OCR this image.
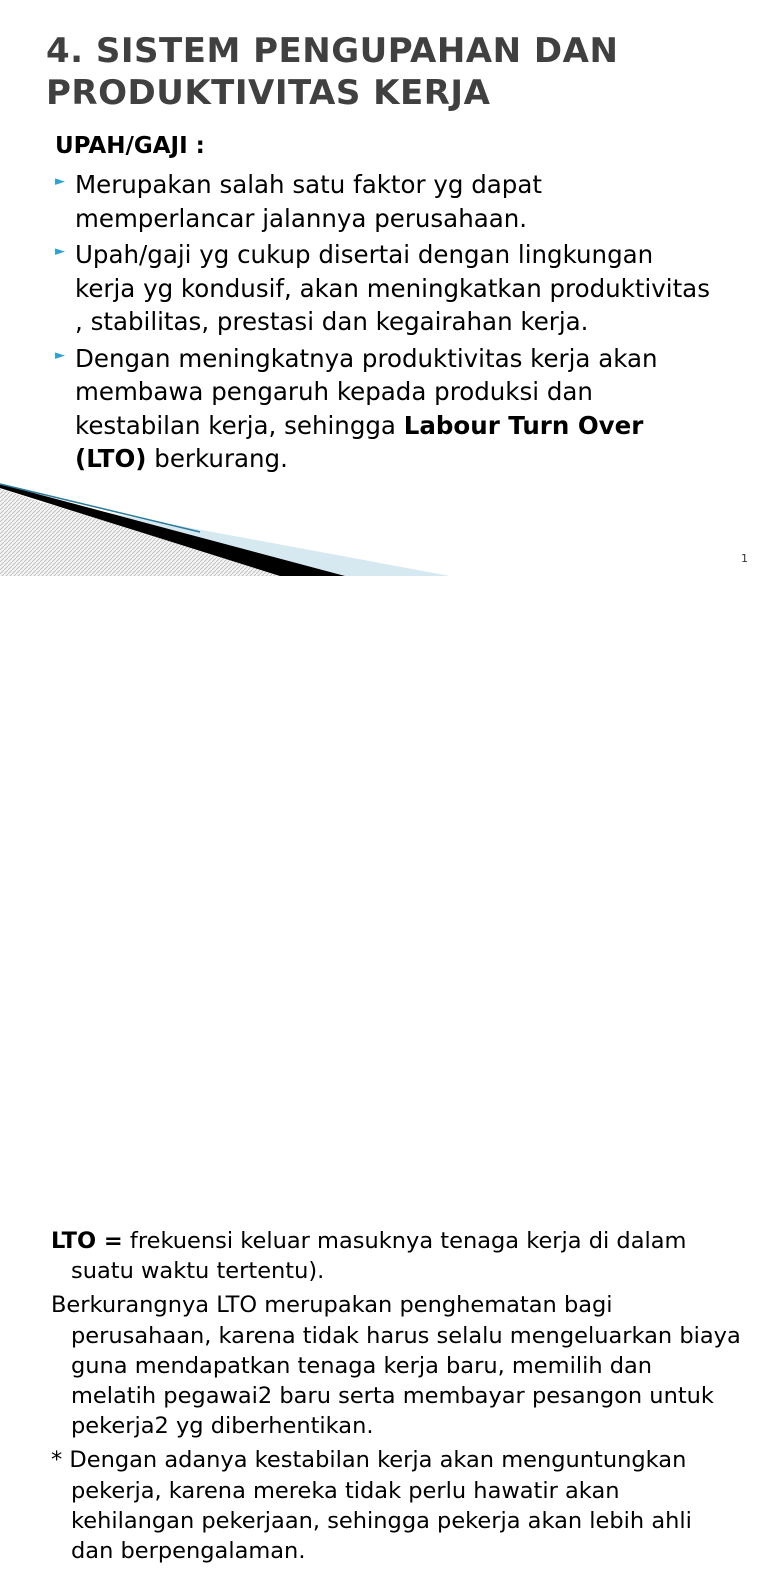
4. SISTEM PENGUPAHAN DAN PRODUKTIVITAS KERJA
UPAH/GAJI :
► Merupakan salah satu faktor yg dapat memperlancar jalannya perusahaan.
► Upah/gaji yg cukup disertai dengan lingkungan kerja yg kondusif, akan meningkatkan produktivitas , stabilitas, prestasi dan kegairahan kerja.
► Dengan meningkatnya produktivitas kerja akan membawa pengaruh kepada produksi dan kestabilan kerja, sehingga Labour Turn Over (LTO) berkurang.
1

LTO = frekuensi keluar masuknya tenaga kerja di dalam suatu waktu tertentu).

Berkurangnya LTO merupakan penghematan bagi perusahaan, karena tidak harus selalu mengeluarkan biaya guna mendapatkan tenaga kerja baru, memilih dan melatih pegawai2 baru serta membayar pesangon untuk pekerja2 yg diberhentikan.

* Dengan adanya kestabilan kerja akan menguntungkan pekerja, karena mereka tidak perlu hawatir akan kehilangan pekerjaan, sehingga pekerja akan lebih ahli dan berpengalaman.
